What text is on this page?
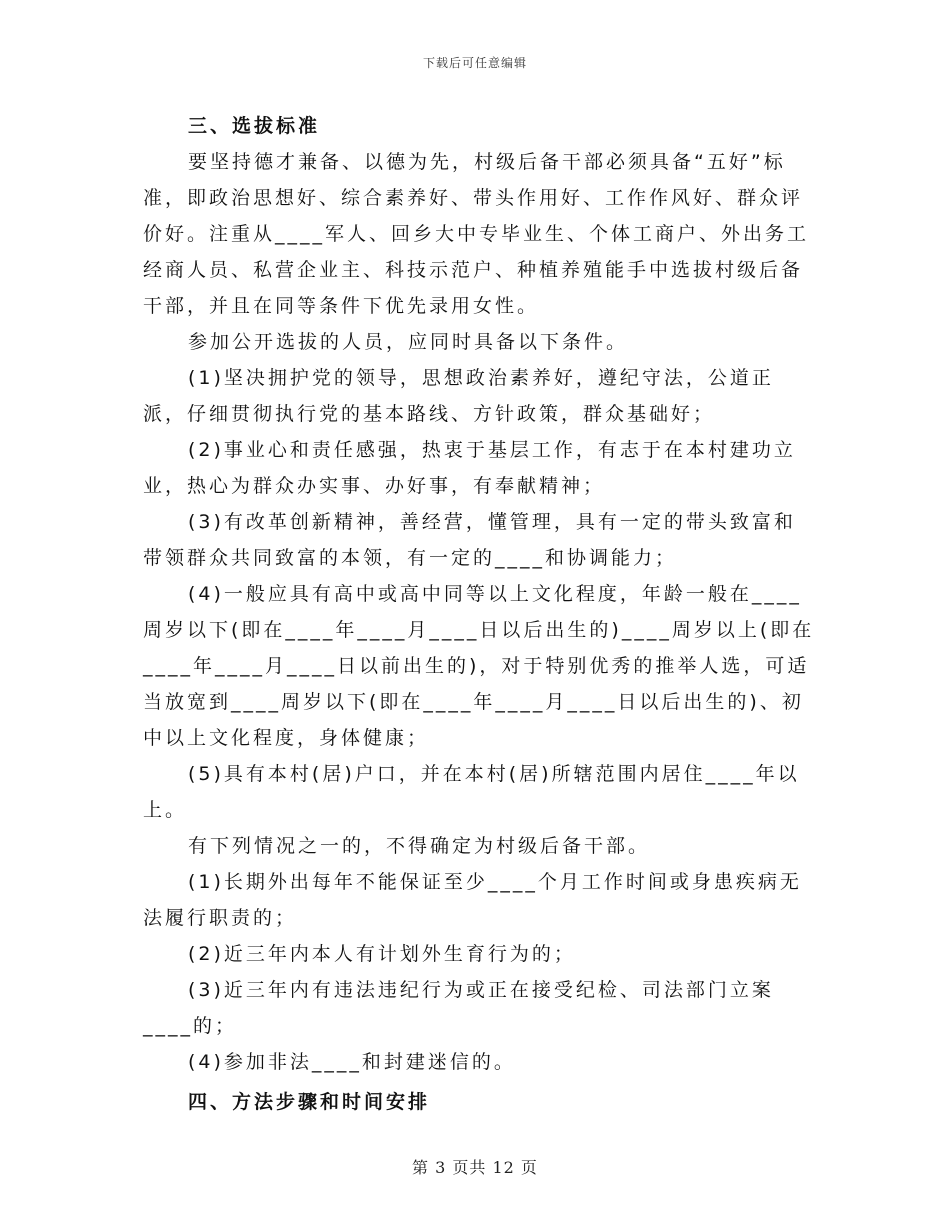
下载后可任意编辑

三、选拔标准

要坚持德才兼备、以德为先，村级后备干部必须具备“五好”标准，即政治思想好、综合素养好、带头作用好、工作作风好、群众评价好。注重从____军人、回乡大中专毕业生、个体工商户、外出务工经商人员、私营企业主、科技示范户、种植养殖能手中选拔村级后备干部，并且在同等条件下优先录用女性。

参加公开选拔的人员，应同时具备以下条件。

(1)坚决拥护党的领导，思想政治素养好，遵纪守法，公道正派，仔细贯彻执行党的基本路线、方针政策，群众基础好；

(2)事业心和责任感强，热衷于基层工作，有志于在本村建功立业，热心为群众办实事、办好事，有奉献精神；

(3)有改革创新精神，善经营，懂管理，具有一定的带头致富和带领群众共同致富的本领，有一定的____和协调能力；

(4)一般应具有高中或高中同等以上文化程度，年龄一般在____周岁以下(即在____年____月____日以后出生的)____周岁以上(即在____年____月____日以前出生的)，对于特别优秀的推举人选，可适当放宽到____周岁以下(即在____年____月____日以后出生的)、初中以上文化程度，身体健康；

(5)具有本村(居)户口，并在本村(居)所辖范围内居住____年以上。

有下列情况之一的，不得确定为村级后备干部。

(1)长期外出每年不能保证至少____个月工作时间或身患疾病无法履行职责的；

(2)近三年内本人有计划外生育行为的；

(3)近三年内有违法违纪行为或正在接受纪检、司法部门立案____的；

(4)参加非法____和封建迷信的。

四、方法步骤和时间安排

第 3 页共 12 页
